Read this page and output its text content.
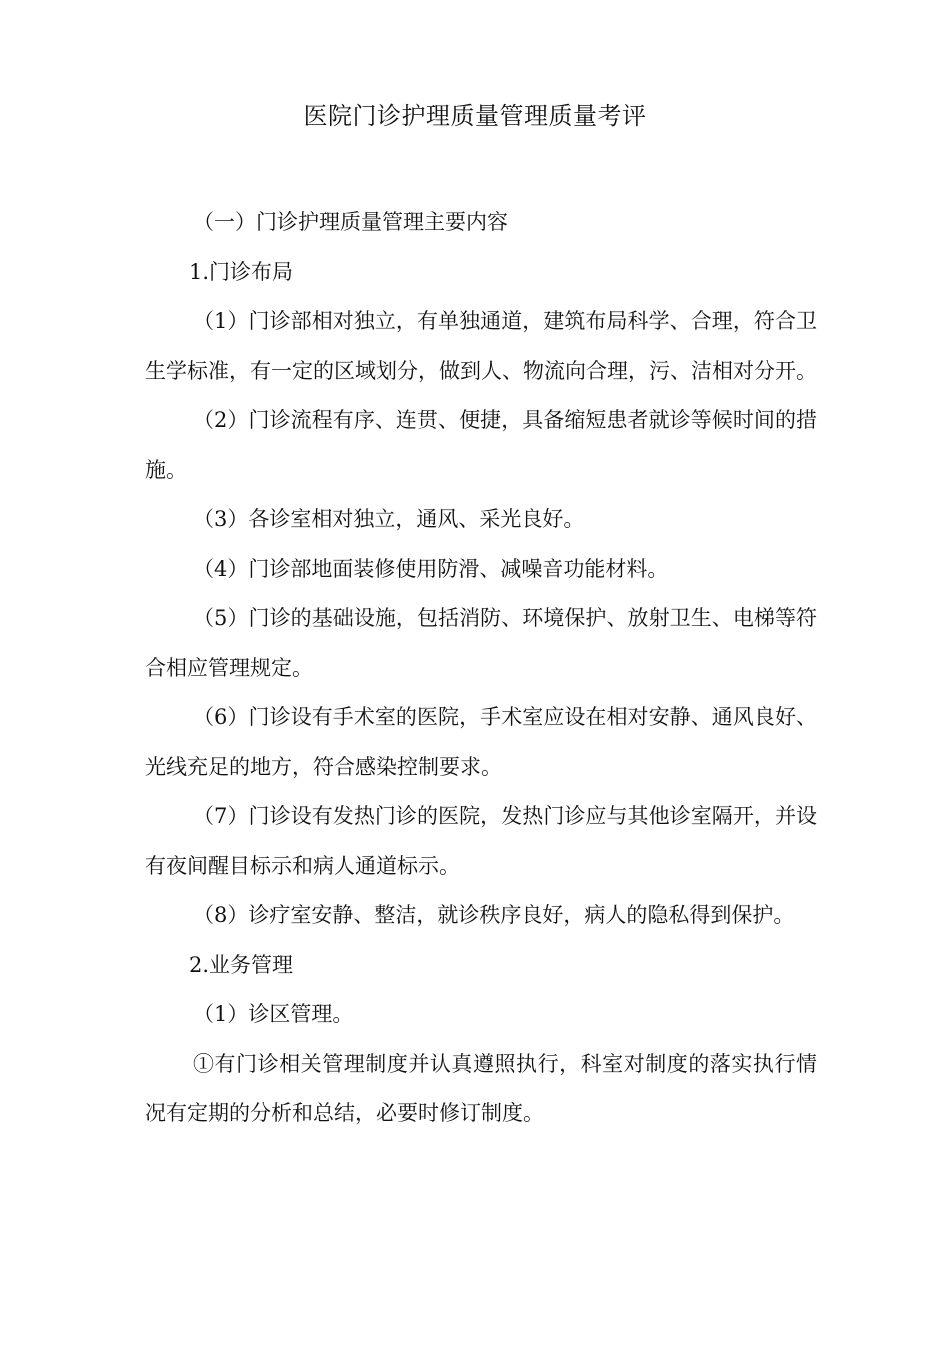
医院门诊护理质量管理质量考评

（一）门诊护理质量管理主要内容

1.门诊布局

（1）门诊部相对独立，有单独通道，建筑布局科学、合理，符合卫生学标准，有一定的区域划分，做到人、物流向合理，污、洁相对分开。

（2）门诊流程有序、连贯、便捷，具备缩短患者就诊等候时间的措施。

（3）各诊室相对独立，通风、采光良好。

（4）门诊部地面装修使用防滑、减噪音功能材料。

（5）门诊的基础设施，包括消防、环境保护、放射卫生、电梯等符合相应管理规定。

（6）门诊设有手术室的医院，手术室应设在相对安静、通风良好、光线充足的地方，符合感染控制要求。

（7）门诊设有发热门诊的医院，发热门诊应与其他诊室隔开，并设有夜间醒目标示和病人通道标示。

（8）诊疗室安静、整洁，就诊秩序良好，病人的隐私得到保护。

2.业务管理

（1）诊区管理。

①有门诊相关管理制度并认真遵照执行，科室对制度的落实执行情况有定期的分析和总结，必要时修订制度。
